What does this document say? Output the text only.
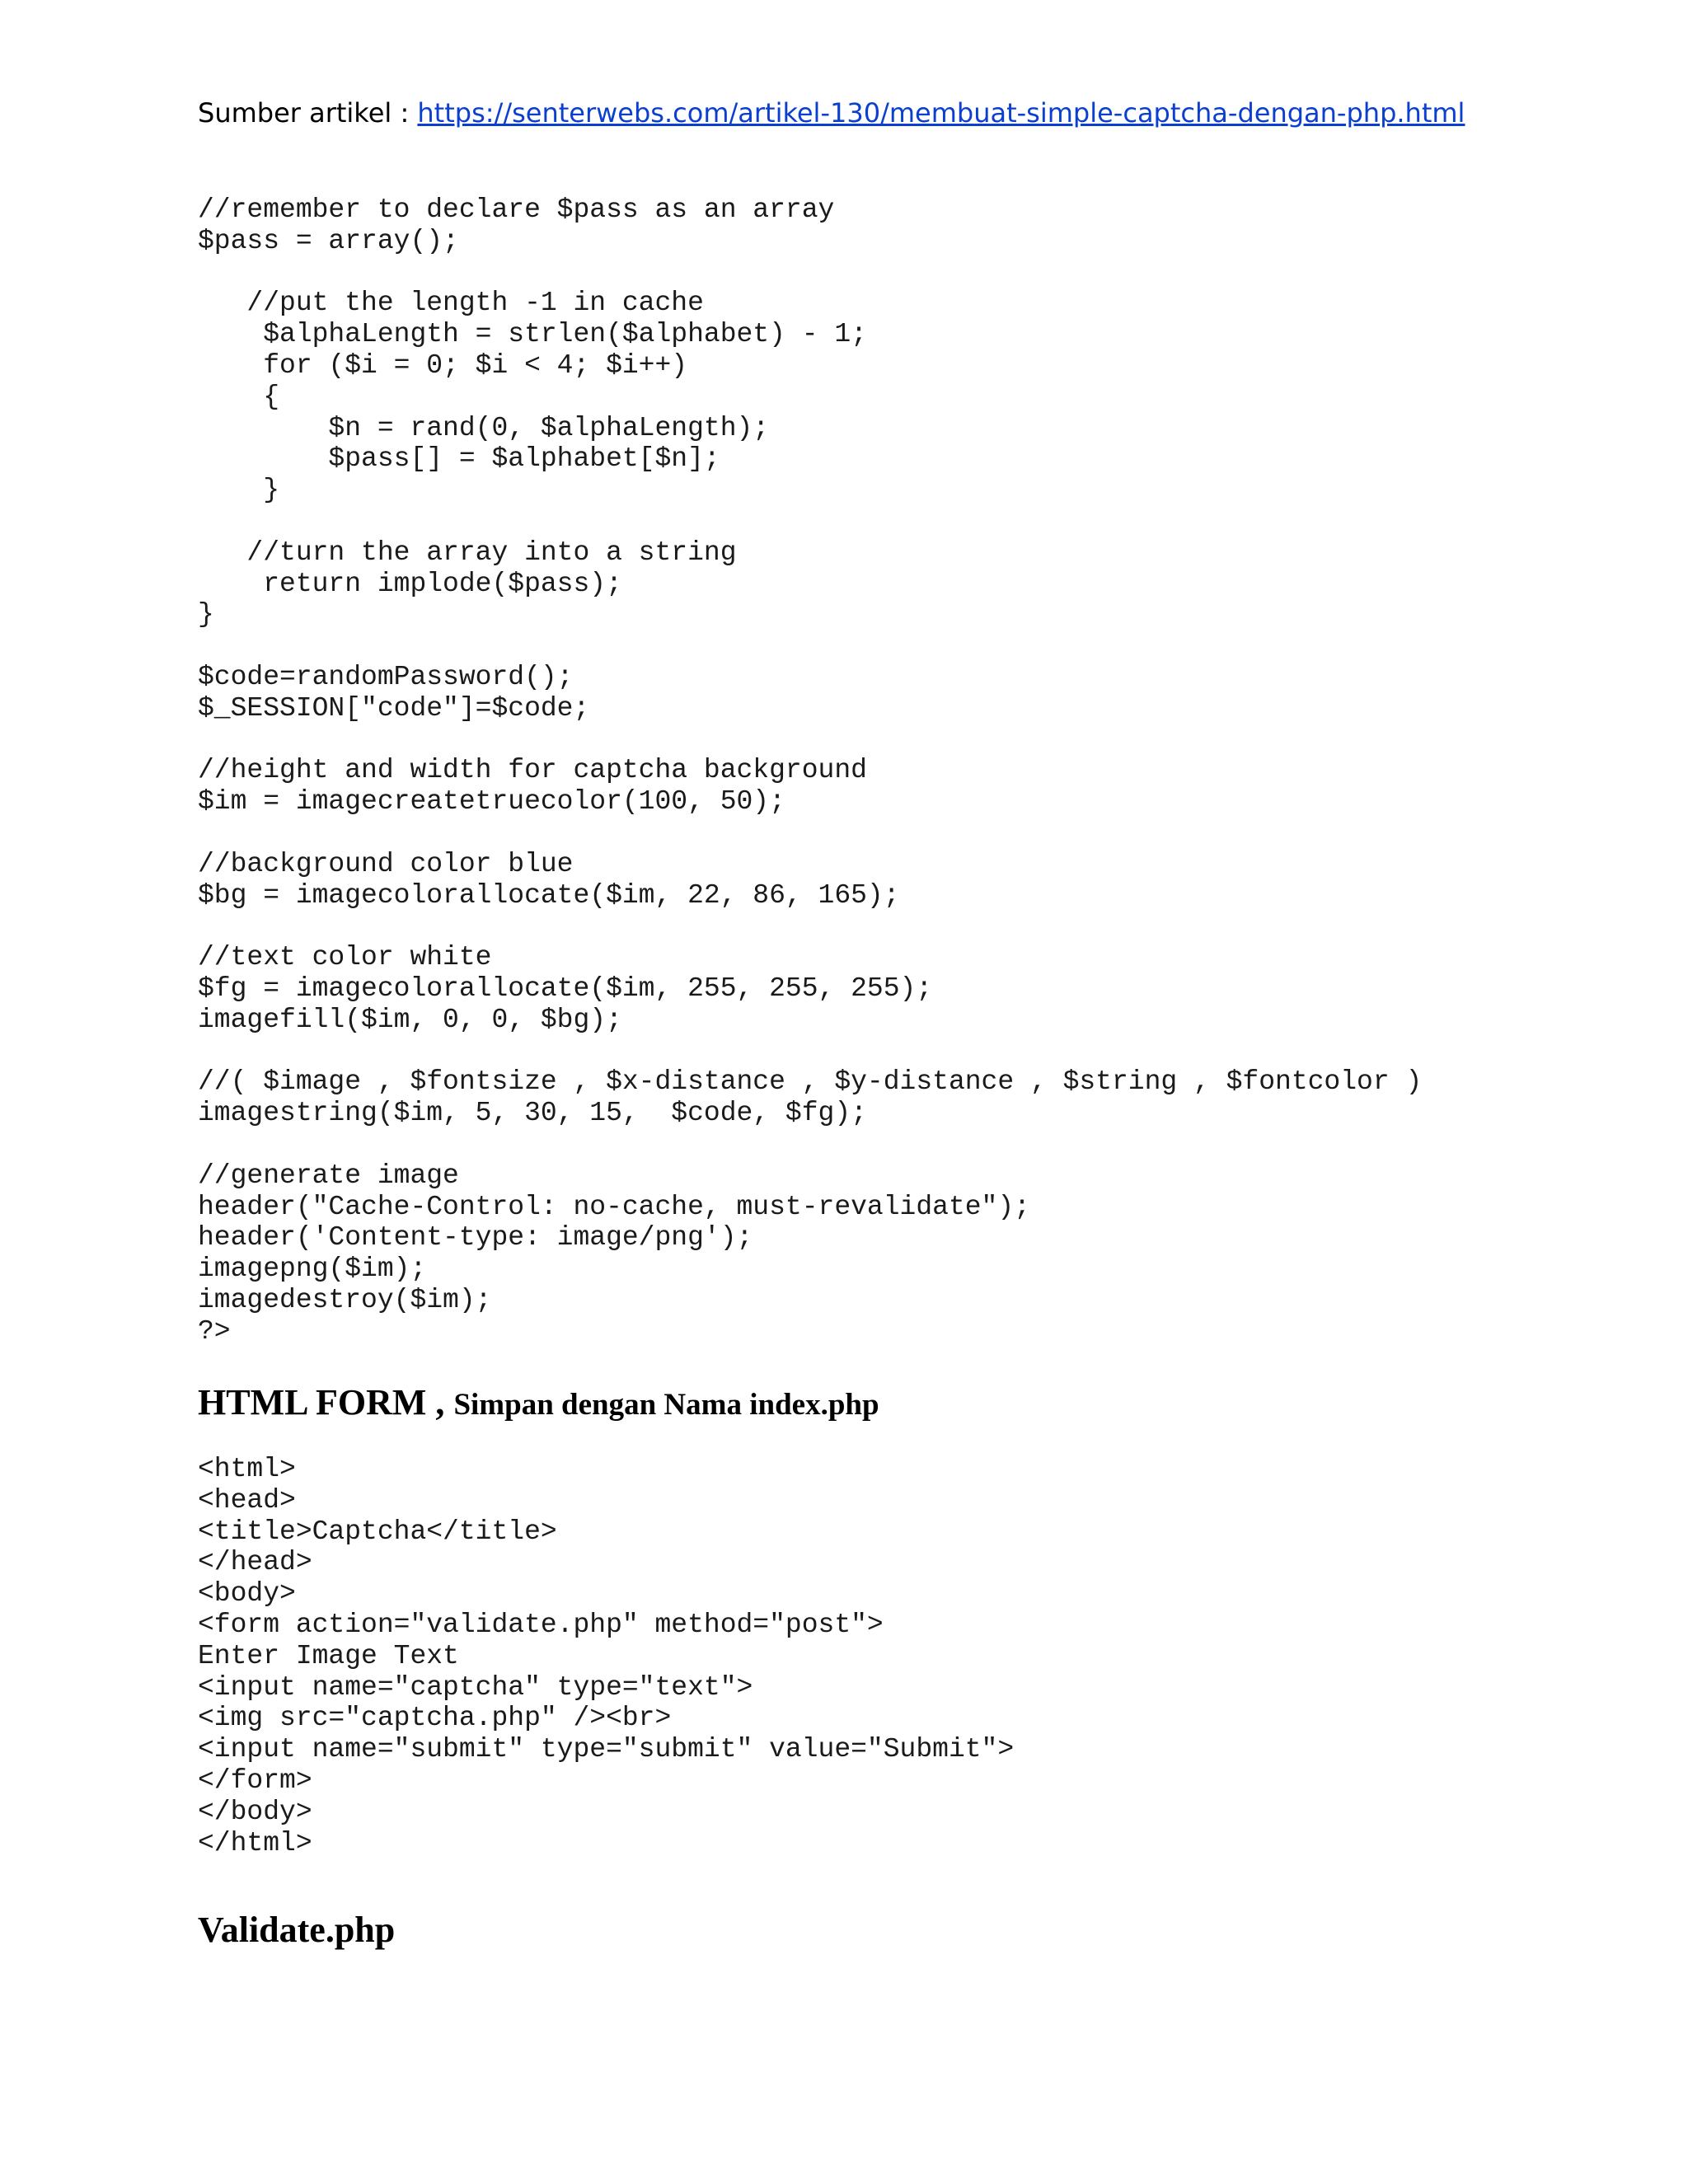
Sumber artikel : https://senterwebs.com/artikel-130/membuat-simple-captcha-dengan-php.html
//remember to declare $pass as an array
$pass = array();

//put the length -1 in cache
$alphaLength = strlen($alphabet) - 1;
for ($i = 0; $i < 4; $i++)
{
$n = rand(0, $alphaLength);
$pass[] = $alphabet[$n];
}

//turn the array into a string
return implode($pass);
}

$code=randomPassword();
$_SESSION["code"]=$code;

//height and width for captcha background
$im = imagecreatetruecolor(100, 50);

//background color blue
$bg = imagecolorallocate($im, 22, 86, 165);

//text color white
$fg = imagecolorallocate($im, 255, 255, 255);
imagefill($im, 0, 0, $bg);

//( $image , $fontsize , $x-distance , $y-distance , $string , $fontcolor )
imagestring($im, 5, 30, 15,  $code, $fg);

//generate image
header("Cache-Control: no-cache, must-revalidate");
header('Content-type: image/png');
imagepng($im);
imagedestroy($im);
?>
HTML FORM , Simpan dengan Nama index.php
<html>
<head>
<title>Captcha</title>
</head>
<body>
<form action="validate.php" method="post">
Enter Image Text
<input name="captcha" type="text">
<img src="captcha.php" /><br>
<input name="submit" type="submit" value="Submit">
</form>
</body>
</html>
Validate.php
